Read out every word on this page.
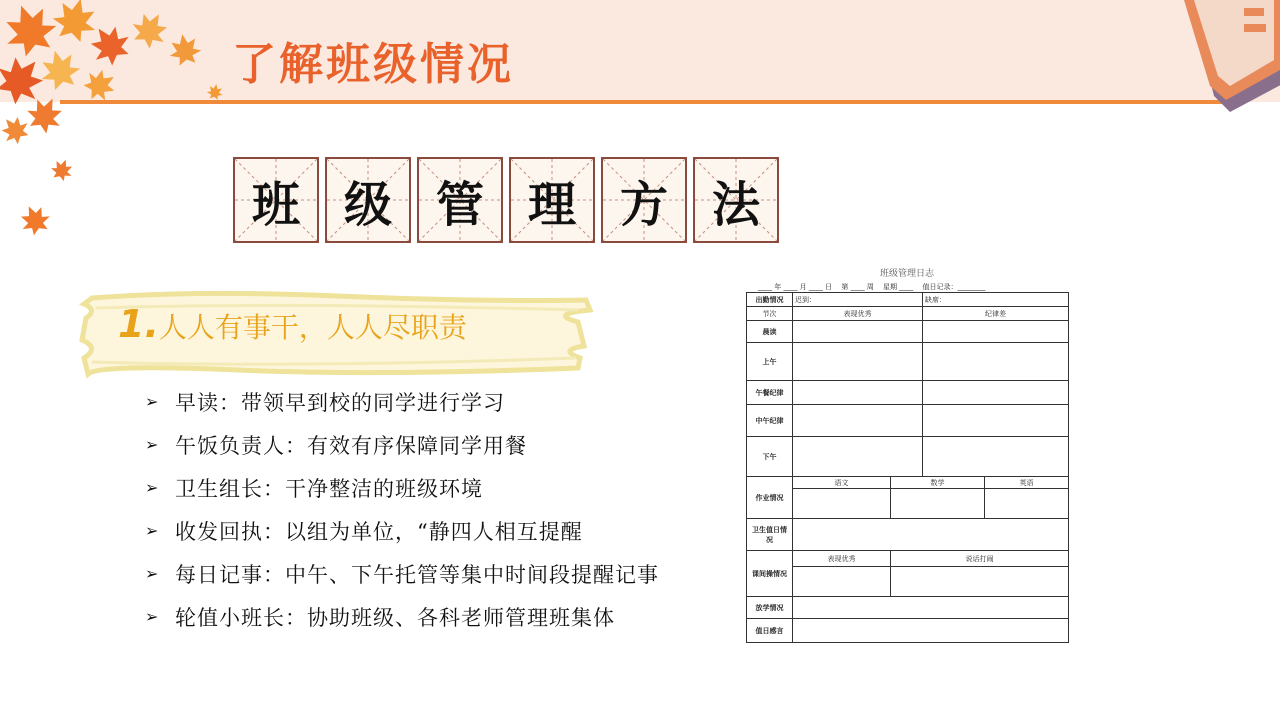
了解班级情况
班 级 管 理 方 法
1.人人有事干，人人尽职责
➢ 早读：带领早到校的同学进行学习
➢ 午饭负责人：有效有序保障同学用餐
➢ 卫生组长：干净整洁的班级环境
➢ 收发回执：以组为单位，“静四人相互提醒
➢ 每日记事：中午、下午托管等集中时间段提醒记事
➢ 轮值小班长：协助班级、各科老师管理班集体
班级管理日志
____ 年 ____ 月 ____ 日　 第 ____ 周　 星期 ____　 值日记录：________
出勤情况	迟到：		缺席：	
节次	表现优秀		纪律差	
晨读				
上午				
午餐纪律				
中午纪律				
下午				
作业情况	语文	数学		英语

卫生值日情况				
课间操情况	表现优秀	说话打闹		

放学情况				
值日感言				
